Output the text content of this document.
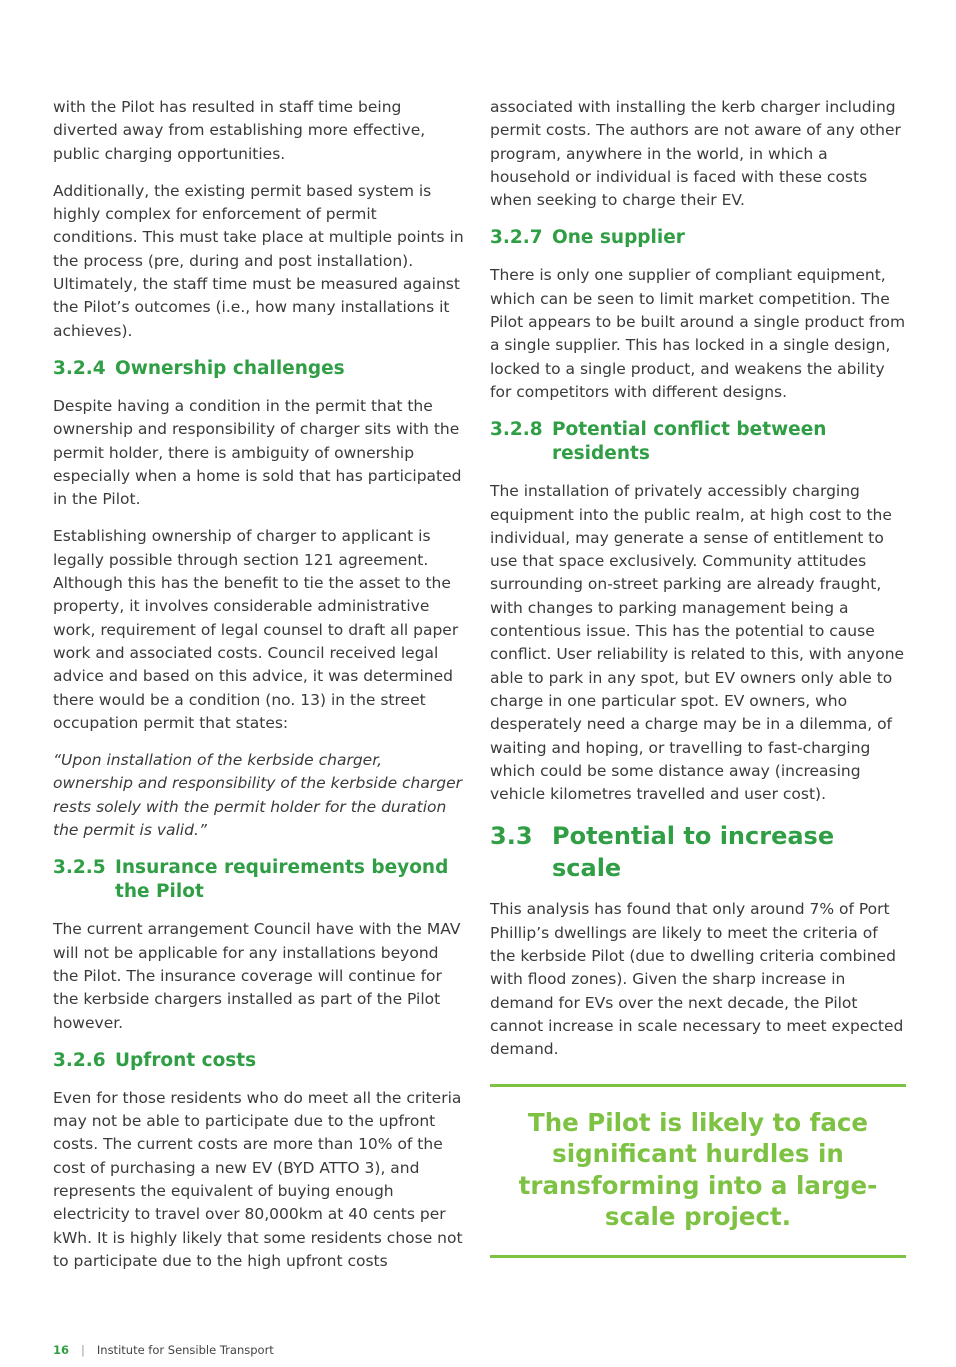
with the Pilot has resulted in staff time being diverted away from establishing more effective, public charging opportunities.

Additionally, the existing permit based system is highly complex for enforcement of permit conditions. This must take place at multiple points in the process (pre, during and post installation). Ultimately, the staff time must be measured against the Pilot’s outcomes (i.e., how many installations it achieves).

3.2.4 Ownership challenges

Despite having a condition in the permit that the ownership and responsibility of charger sits with the permit holder, there is ambiguity of ownership especially when a home is sold that has participated in the Pilot.

Establishing ownership of charger to applicant is legally possible through section 121 agreement. Although this has the benefit to tie the asset to the property, it involves considerable administrative work, requirement of legal counsel to draft all paper work and associated costs. Council received legal advice and based on this advice, it was determined there would be a condition (no. 13) in the street occupation permit that states:

“Upon installation of the kerbside charger, ownership and responsibility of the kerbside charger rests solely with the permit holder for the duration the permit is valid.”

3.2.5 Insurance requirements beyond the Pilot

The current arrangement Council have with the MAV will not be applicable for any installations beyond the Pilot. The insurance coverage will continue for the kerbside chargers installed as part of the Pilot however.

3.2.6 Upfront costs

Even for those residents who do meet all the criteria may not be able to participate due to the upfront costs. The current costs are more than 10% of the cost of purchasing a new EV (BYD ATTO 3), and represents the equivalent of buying enough electricity to travel over 80,000km at 40 cents per kWh. It is highly likely that some residents chose not to participate due to the high upfront costs

associated with installing the kerb charger including permit costs. The authors are not aware of any other program, anywhere in the world, in which a household or individual is faced with these costs when seeking to charge their EV.

3.2.7 One supplier

There is only one supplier of compliant equipment, which can be seen to limit market competition. The Pilot appears to be built around a single product from a single supplier. This has locked in a single design, locked to a single product, and weakens the ability for competitors with different designs.

3.2.8 Potential conflict between residents

The installation of privately accessibly charging equipment into the public realm, at high cost to the individual, may generate a sense of entitlement to use that space exclusively. Community attitudes surrounding on-street parking are already fraught, with changes to parking management being a contentious issue. This has the potential to cause conflict. User reliability is related to this, with anyone able to park in any spot, but EV owners only able to charge in one particular spot. EV owners, who desperately need a charge may be in a dilemma, of waiting and hoping, or travelling to fast-charging which could be some distance away (increasing vehicle kilometres travelled and user cost).

3.3 Potential to increase scale

This analysis has found that only around 7% of Port Phillip’s dwellings are likely to meet the criteria of the kerbside Pilot (due to dwelling criteria combined with flood zones). Given the sharp increase in demand for EVs over the next decade, the Pilot cannot increase in scale necessary to meet expected demand.

The Pilot is likely to face significant hurdles in transforming into a large-scale project.
16 | Institute for Sensible Transport
